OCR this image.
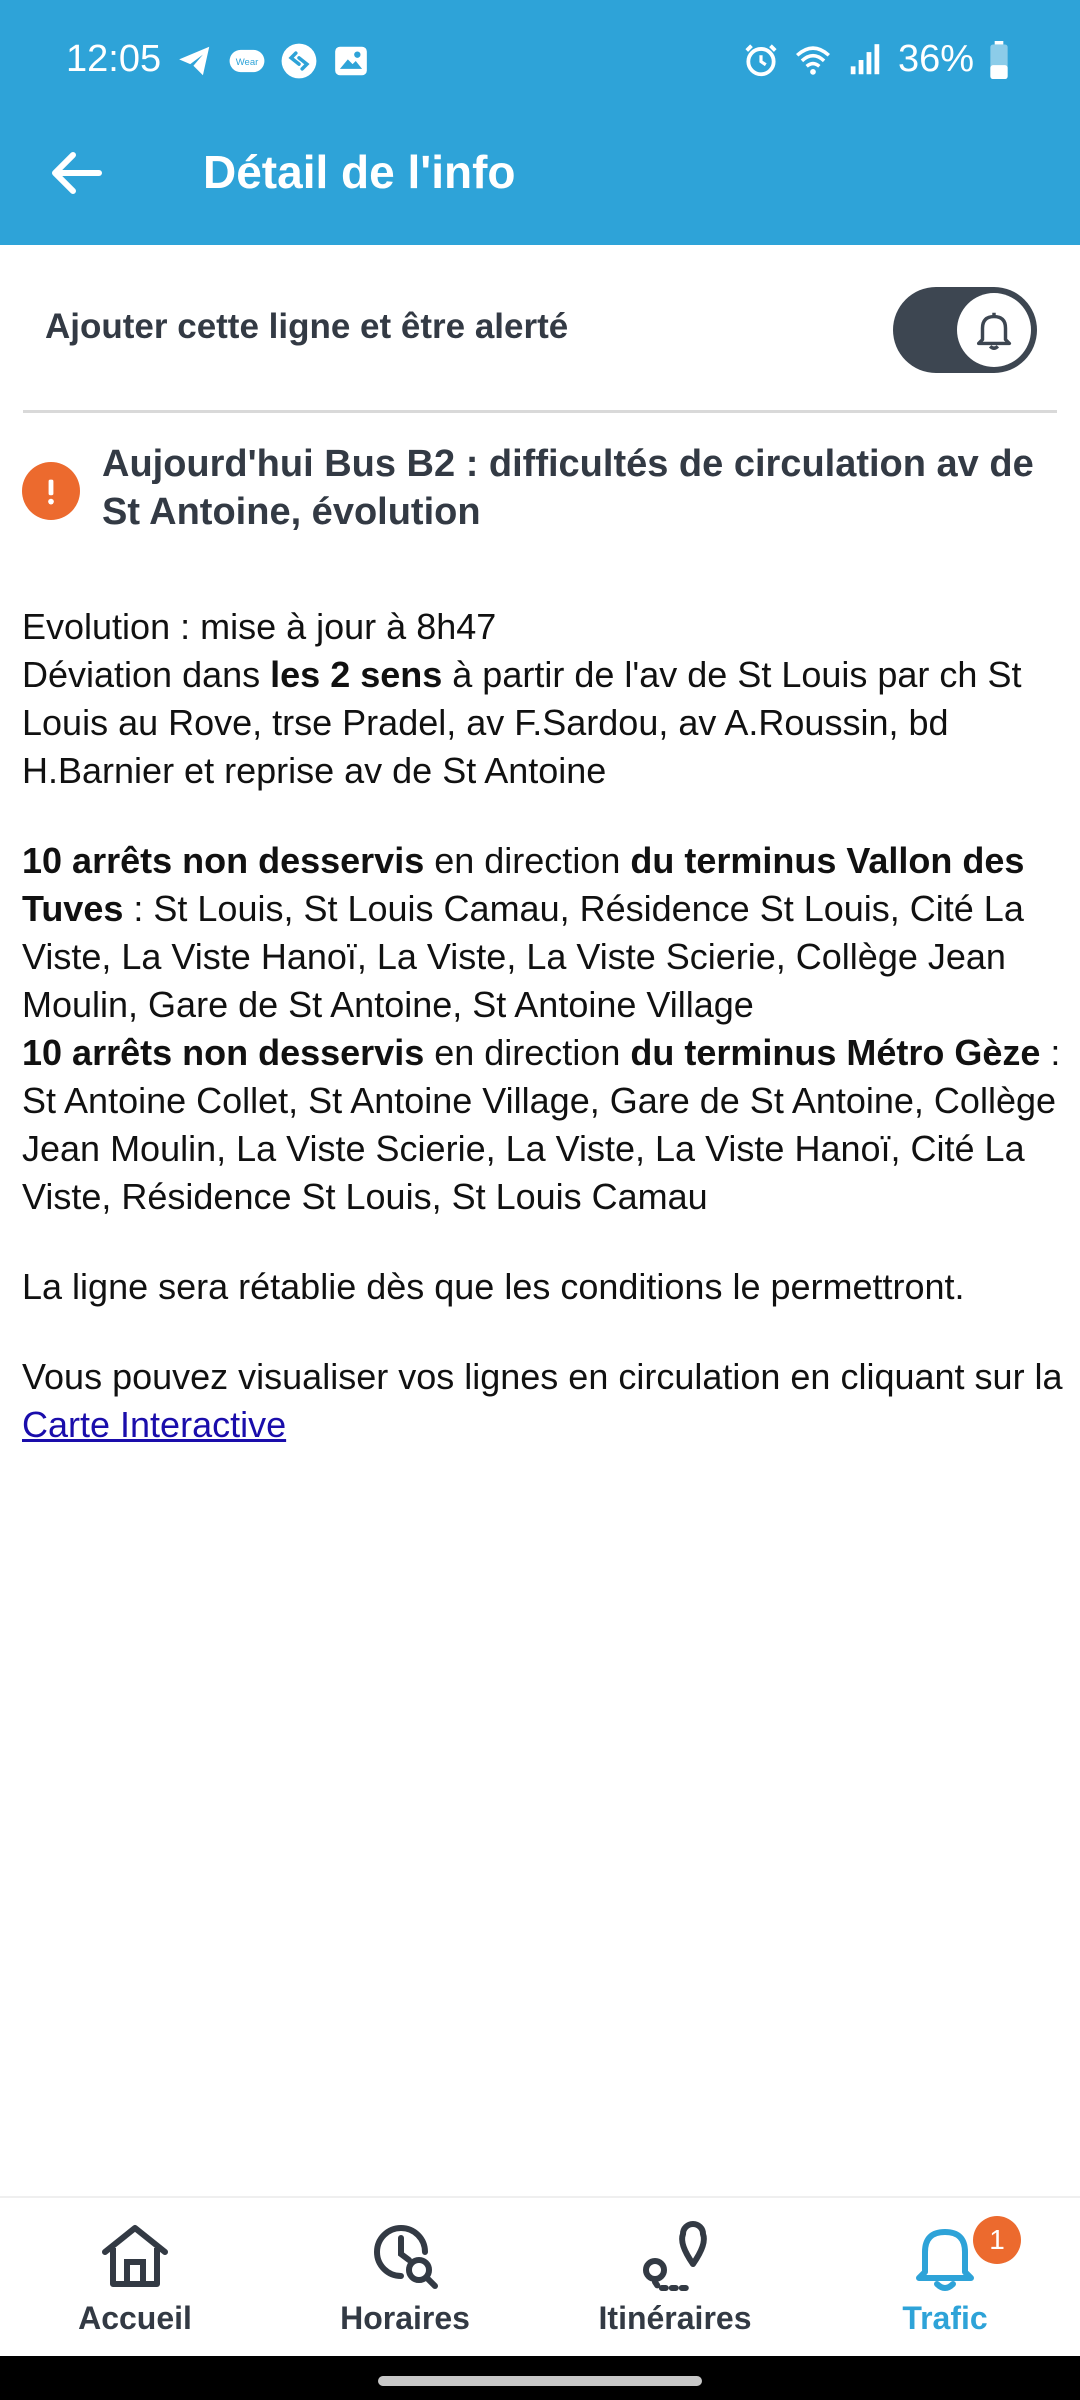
12:05	Wear	36%
Détail de l'info
Ajouter cette ligne et être alerté
Aujourd'hui Bus B2 : difficultés de circulation av de St Antoine, évolution

Evolution : mise à jour à 8h47
Déviation dans les 2 sens à partir de l'av de St Louis par ch St Louis au Rove, trse Pradel, av F.Sardou, av A.Roussin, bd H.Barnier et reprise av de St Antoine

10 arrêts non desservis en direction du terminus Vallon des Tuves : St Louis, St Louis Camau, Résidence St Louis, Cité La Viste, La Viste Hanoï, La Viste, La Viste Scierie, Collège Jean Moulin, Gare de St Antoine, St Antoine Village

10 arrêts non desservis en direction du terminus Métro Gèze : St Antoine Collet, St Antoine Village, Gare de St Antoine, Collège Jean Moulin, La Viste Scierie, La Viste, La Viste Hanoï, Cité La Viste, Résidence St Louis, St Louis Camau

La ligne sera rétablie dès que les conditions le permettront.

Vous pouvez visualiser vos lignes en circulation en cliquant sur la Carte Interactive

Accueil	Horaires	Itinéraires
1
Trafic
